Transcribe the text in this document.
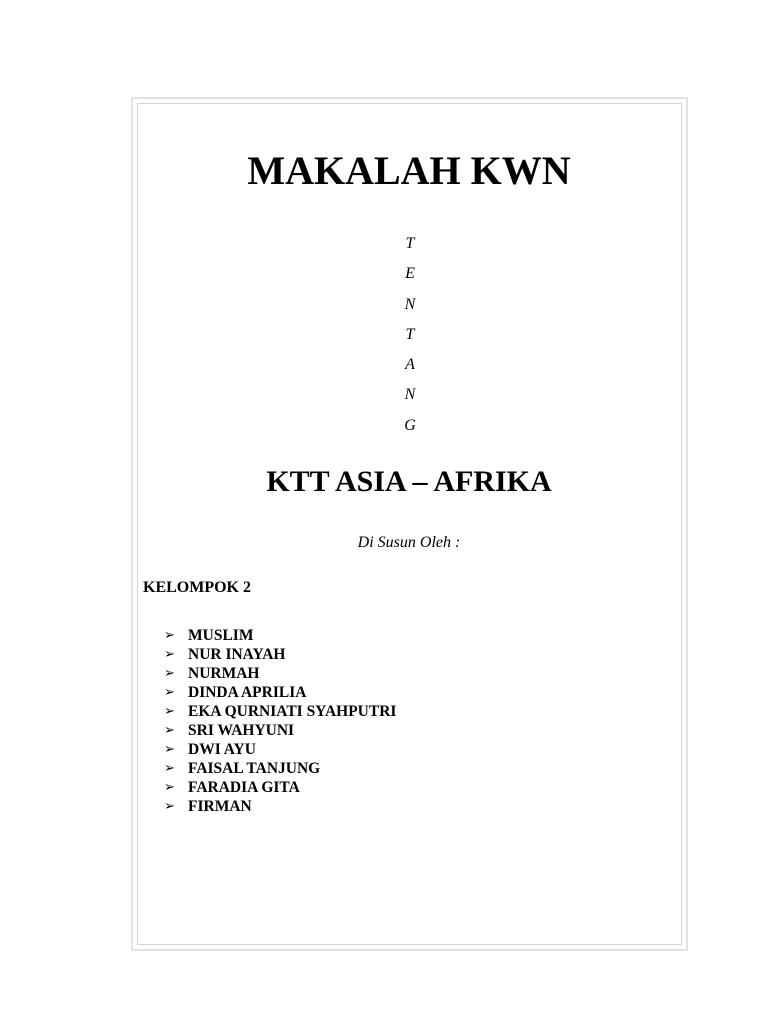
MAKALAH KWN
T
E
N
T
A
N
G
KTT ASIA – AFRIKA
Di Susun Oleh :
KELOMPOK 2
➢ MUSLIM
➢ NUR INAYAH
➢ NURMAH
➢ DINDA APRILIA
➢ EKA QURNIATI SYAHPUTRI
➢ SRI WAHYUNI
➢ DWI AYU
➢ FAISAL TANJUNG
➢ FARADIA GITA
➢ FIRMAN
